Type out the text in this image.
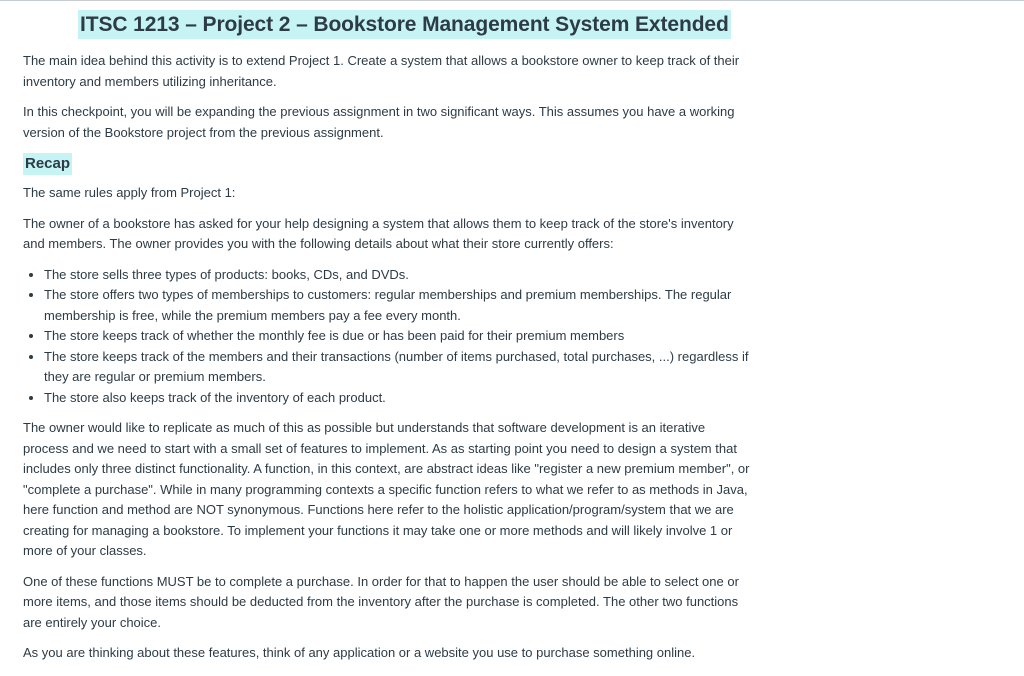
ITSC 1213 – Project 2 – Bookstore Management System Extended

The main idea behind this activity is to extend Project 1. Create a system that allows a bookstore owner to keep track of their inventory and members utilizing inheritance.

In this checkpoint, you will be expanding the previous assignment in two significant ways. This assumes you have a working version of the Bookstore project from the previous assignment.

Recap

The same rules apply from Project 1:

The owner of a bookstore has asked for your help designing a system that allows them to keep track of the store's inventory and members. The owner provides you with the following details about what their store currently offers:

• The store sells three types of products: books, CDs, and DVDs.
• The store offers two types of memberships to customers: regular memberships and premium memberships. The regular membership is free, while the premium members pay a fee every month.
• The store keeps track of whether the monthly fee is due or has been paid for their premium members
• The store keeps track of the members and their transactions (number of items purchased, total purchases, ...) regardless if they are regular or premium members.
• The store also keeps track of the inventory of each product.

The owner would like to replicate as much of this as possible but understands that software development is an iterative process and we need to start with a small set of features to implement. As as starting point you need to design a system that includes only three distinct functionality. A function, in this context, are abstract ideas like "register a new premium member", or "complete a purchase". While in many programming contexts a specific function refers to what we refer to as methods in Java, here function and method are NOT synonymous. Functions here refer to the holistic application/program/system that we are creating for managing a bookstore. To implement your functions it may take one or more methods and will likely involve 1 or more of your classes.

One of these functions MUST be to complete a purchase. In order for that to happen the user should be able to select one or more items, and those items should be deducted from the inventory after the purchase is completed. The other two functions are entirely your choice.

As you are thinking about these features, think of any application or a website you use to purchase something online.
